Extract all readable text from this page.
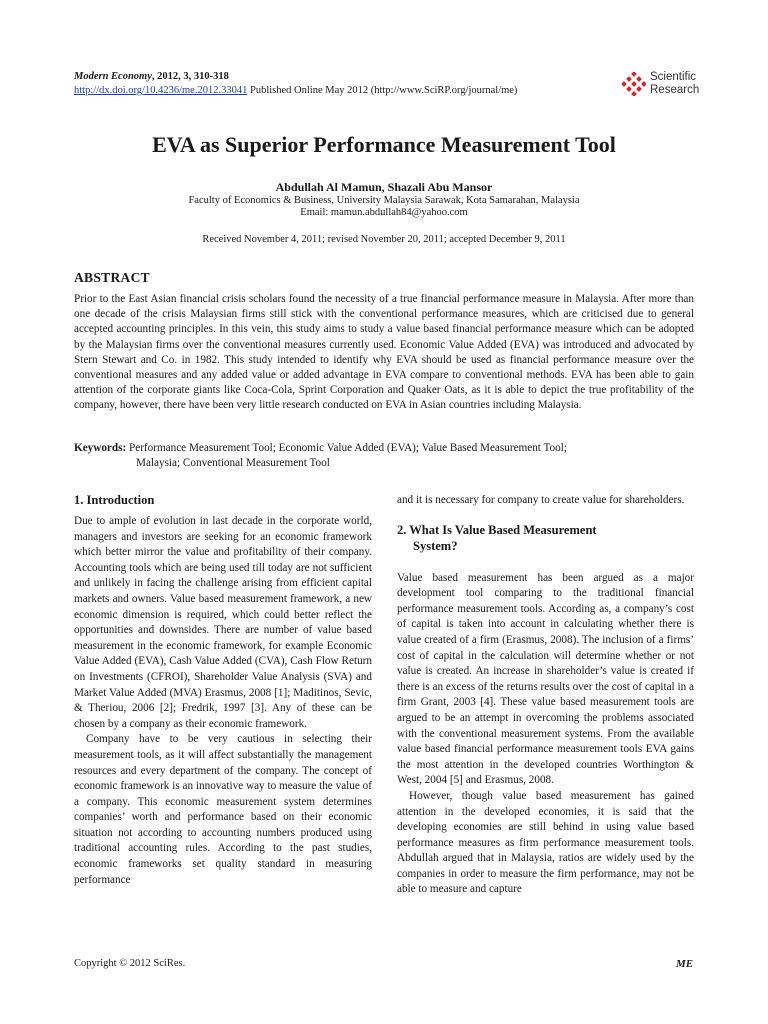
Modern Economy, 2012, 3, 310-318
http://dx.doi.org/10.4236/me.2012.33041 Published Online May 2012 (http://www.SciRP.org/journal/me)
Scientific
Research
EVA as Superior Performance Measurement Tool
Abdullah Al Mamun, Shazali Abu Mansor
Faculty of Economics & Business, University Malaysia Sarawak, Kota Samarahan, Malaysia
Email: mamun.abdullah84@yahoo.com
Received November 4, 2011; revised November 20, 2011; accepted December 9, 2011
ABSTRACT
Prior to the East Asian financial crisis scholars found the necessity of a true financial performance measure in Malaysia. After more than one decade of the crisis Malaysian firms still stick with the conventional performance measures, which are criticised due to general accepted accounting principles. In this vein, this study aims to study a value based financial performance measure which can be adopted by the Malaysian firms over the conventional measures currently used. Economic Value Added (EVA) was introduced and advocated by Stern Stewart and Co. in 1982. This study intended to identify why EVA should be used as financial performance measure over the conventional measures and any added value or added advantage in EVA compare to conventional methods. EVA has been able to gain attention of the corporate giants like Coca-Cola, Sprint Corporation and Quaker Oats, as it is able to depict the true profitability of the company, however, there have been very little research conducted on EVA in Asian countries including Malaysia.
Keywords: Performance Measurement Tool; Economic Value Added (EVA); Value Based Measurement Tool;
Malaysia; Conventional Measurement Tool
1. Introduction

Due to ample of evolution in last decade in the corporate world, managers and investors are seeking for an economic framework which better mirror the value and profitability of their company. Accounting tools which are being used till today are not sufficient and unlikely in facing the challenge arising from efficient capital markets and owners. Value based measurement framework, a new economic dimension is required, which could better reflect the opportunities and downsides. There are number of value based measurement in the economic framework, for example Economic Value Added (EVA), Cash Value Added (CVA), Cash Flow Return on Investments (CFROI), Shareholder Value Analysis (SVA) and Market Value Added (MVA) Erasmus, 2008 [1]; Maditinos, Sevic, & Theriou, 2006 [2]; Fredrik, 1997 [3]. Any of these can be chosen by a company as their economic framework.

Company have to be very cautious in selecting their measurement tools, as it will affect substantially the management resources and every department of the company. The concept of economic framework is an innovative way to measure the value of a company. This economic measurement system determines companies’ worth and performance based on their economic situation not according to accounting numbers produced using traditional accounting rules. According to the past studies, economic frameworks set quality standard in measuring performance

and it is necessary for company to create value for shareholders.

2. What Is Value Based Measurement
System?

Value based measurement has been argued as a major development tool comparing to the traditional financial performance measurement tools. According as, a company’s cost of capital is taken into account in calculating whether there is value created of a firm (Erasmus, 2008). The inclusion of a firms’ cost of capital in the calculation will determine whether or not value is created. An increase in shareholder’s value is created if there is an excess of the returns results over the cost of capital in a firm Grant, 2003 [4]. These value based measurement tools are argued to be an attempt in overcoming the problems associated with the conventional measurement systems. From the available value based financial performance measurement tools EVA gains the most attention in the developed countries Worthington & West, 2004 [5] and Erasmus, 2008.

However, though value based measurement has gained attention in the developed economies, it is said that the developing economies are still behind in using value based performance measures as firm performance measurement tools. Abdullah argued that in Malaysia, ratios are widely used by the companies in order to measure the firm performance, may not be able to measure and capture

Copyright © 2012 SciRes.	ME
